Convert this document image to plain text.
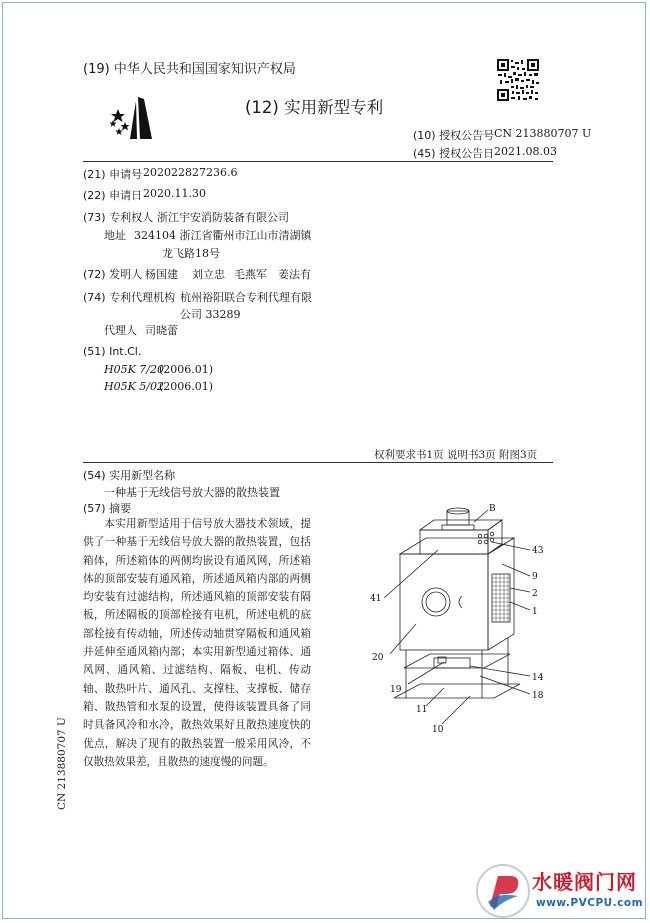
(19) 中华人民共和国国家知识产权局
(12) 实用新型专利
(10) 授权公告号 CN 213880707 U
(45) 授权公告日 2021.08.03
(21) 申请号 202022827236.6
(22) 申请日 2020.11.30
(73) 专利权人 浙江宇安消防装备有限公司
地址 324104 浙江省衢州市江山市清湖镇
龙飞路18号
(72) 发明人 杨国建 刘立忠 毛燕军 姜法有
(74) 专利代理机构 杭州裕阳联合专利代理有限
公司 33289
代理人 司晓蕾
(51) Int.Cl.
H05K 7/20
(2006.01)
H05K 5/02
(2006.01)
权利要求书1页 说明书3页 附图3页
(54) 实用新型名称
一种基于无线信号放大器的散热装置
(57) 摘要
本实用新型适用于信号放大器技术领域，提供了一种基于无线信号放大器的散热装置，包括箱体，所述箱体的两侧均嵌设有通风网，所述箱体的顶部安装有通风箱，所述通风箱内部的两侧均安装有过滤结构，所述通风箱的顶部安装有隔板，所述隔板的顶部栓接有电机，所述电机的底部栓接有传动轴，所述传动轴贯穿隔板和通风箱并延伸至通风箱内部；本实用新型通过箱体、通风网、通风箱、过滤结构、隔板、电机、传动轴、散热叶片、通风孔、支撑柱、支撑板、储存箱、散热管和水泵的设置，使得该装置具备了同时具备风冷和水冷，散热效果好且散热速度快的优点，解决了现有的散热装置一般采用风冷，不仅散热效果差，且散热的速度慢的问题。
B
43
9
2
1
41
20
14
18
19
11
10
CN 213880707 U
水暖阀门网
www.PVCPU.com
